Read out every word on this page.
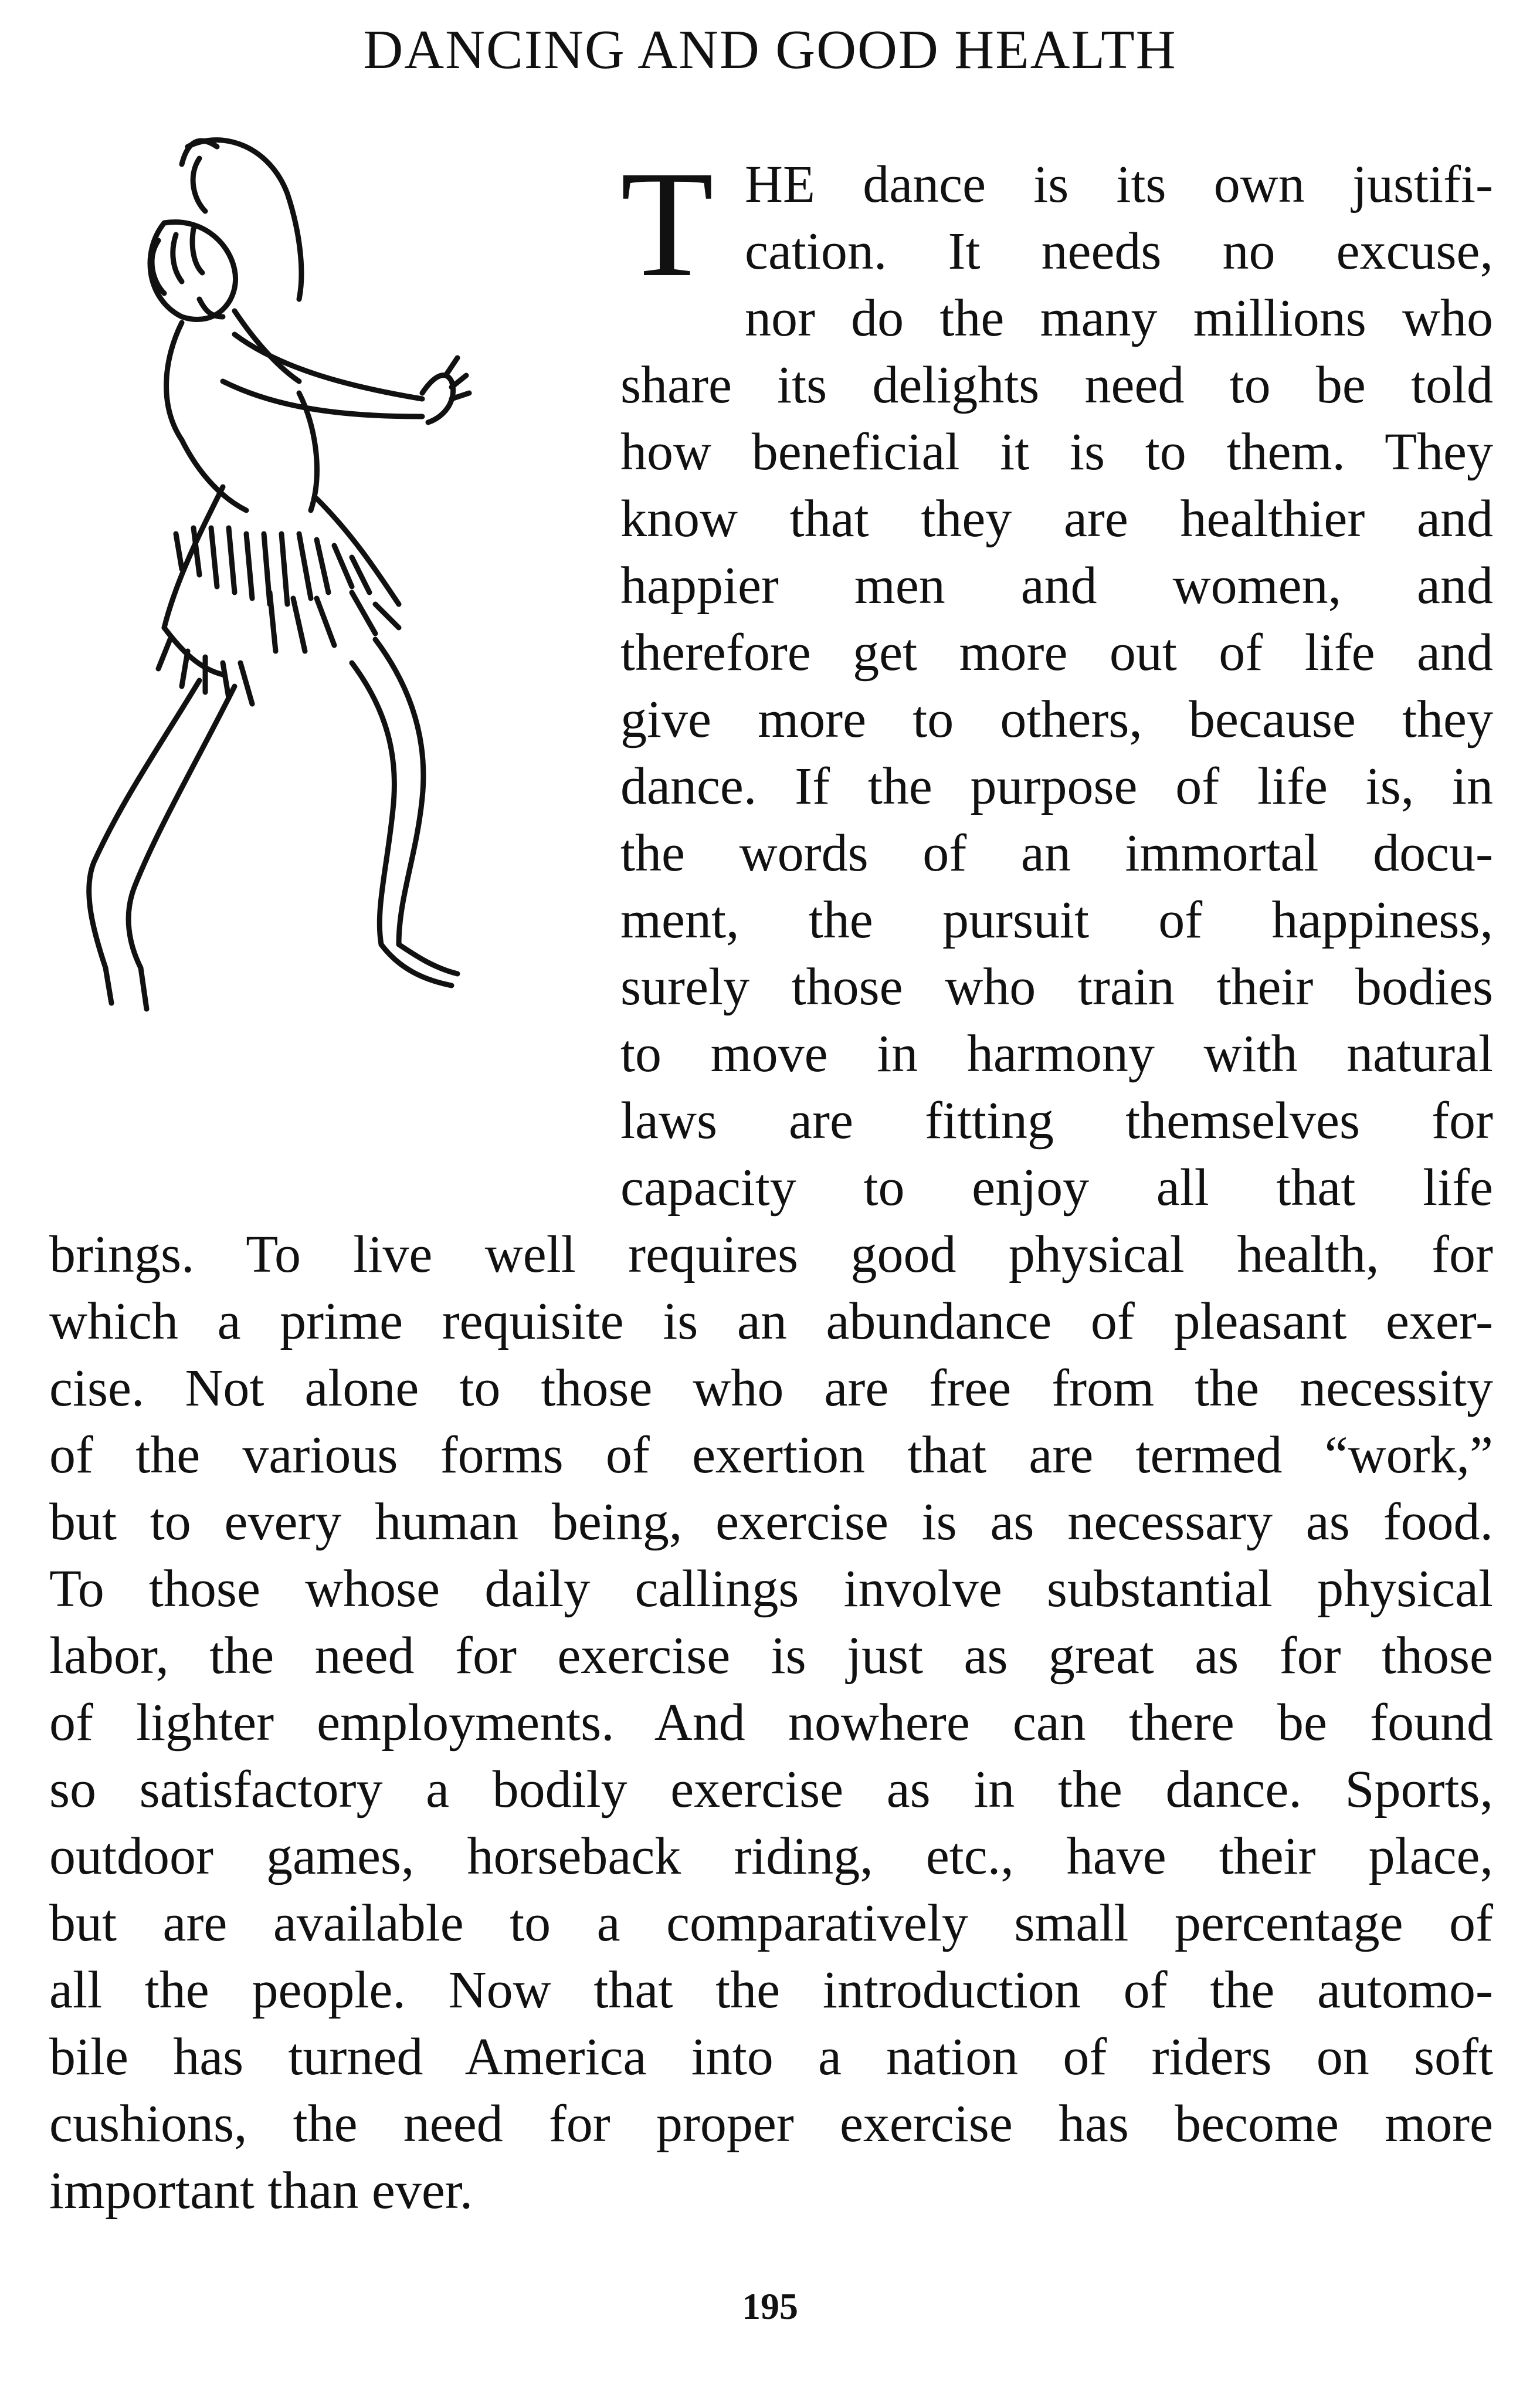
DANCING AND GOOD HEALTH
T HE dance is its own justifi-
cation. It needs no excuse,
nor do the many millions who
share its delights need to be told
how beneficial it is to them. They
know that they are healthier and
happier men and women, and
therefore get more out of life and
give more to others, because they
dance. If the purpose of life is, in
the words of an immortal docu-
ment, the pursuit of happiness,
surely those who train their bodies
to move in harmony with natural
laws are fitting themselves for
capacity to enjoy all that life
brings. To live well requires good physical health, for
which a prime requisite is an abundance of pleasant exer-
cise. Not alone to those who are free from the necessity
of the various forms of exertion that are termed “work,”
but to every human being, exercise is as necessary as food.
To those whose daily callings involve substantial physical
labor, the need for exercise is just as great as for those
of lighter employments. And nowhere can there be found
so satisfactory a bodily exercise as in the dance. Sports,
outdoor games, horseback riding, etc., have their place,
but are available to a comparatively small percentage of
all the people. Now that the introduction of the automo-
bile has turned America into a nation of riders on soft
cushions, the need for proper exercise has become more
important than ever.
195
